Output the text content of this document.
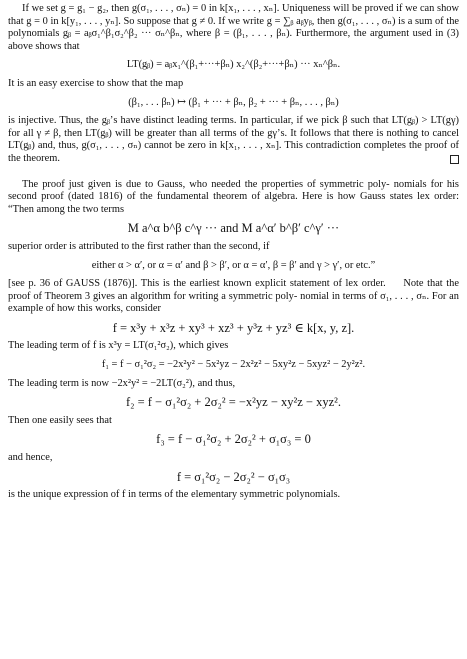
If we set g = g₁ − g₂, then g(σ₁, . . . , σₙ) = 0 in k[x₁, . . . , xₙ]. Uniqueness will be proved if we can show that g = 0 in k[y₁, . . . , yₙ]. So suppose that g ≠ 0. If we write g = ∑ᵦ aᵦyᵦ, then g(σ₁, . . . , σₙ) is a sum of the polynomials gᵦ = aᵦσ₁^β₁σ₂^β₂ ··· σₙ^βₙ, where β = (β₁, . . . , βₙ). Furthermore, the argument used in (3) above shows that

LT(gᵦ) = aᵦx₁^(β₁+···+βₙ) x₂^(β₂+···+βₙ) ··· xₙ^βₙ.

It is an easy exercise to show that the map

(β₁, . . . βₙ) ↦ (β₁ + ··· + βₙ, β₂ + ··· + βₙ, . . . , βₙ)

is injective. Thus, the gᵦ’s have distinct leading terms. In particular, if we pick β such that LT(gᵦ) > LT(gγ) for all γ ≠ β, then LT(gᵦ) will be greater than all terms of the gγ’s. It follows that there is nothing to cancel LT(gᵦ) and, thus, g(σ₁, . . . , σₙ) cannot be zero in k[x₁, . . . , xₙ]. This contradiction completes the proof of the theorem.

The proof just given is due to Gauss, who needed the properties of symmetric poly- nomials for his second proof (dated 1816) of the fundamental theorem of algebra. Here is how Gauss states lex order: “Then among the two terms

M a^α b^β c^γ ··· and M a^α′ b^β′ c^γ′ ···

superior order is attributed to the first rather than the second, if

either α > α′, or α = α′ and β > β′, or α = α′, β = β′ and γ > γ′, or etc.”

[see p. 36 of GAUSS (1876)]. This is the earliest known explicit statement of lex order. Note that the proof of Theorem 3 gives an algorithm for writing a symmetric poly- nomial in terms of σ₁, . . . , σₙ. For an example of how this works, consider

f = x³y + x³z + xy³ + xz³ + y³z + yz³ ∈ k[x, y, z].

The leading term of f is x³y = LT(σ₁²σ₂), which gives

f₁ = f − σ₁²σ₂ = −2x²y² − 5x²yz − 2x²z² − 5xy²z − 5xyz² − 2y²z².

The leading term is now −2x²y² = −2LT(σ₂²), and thus,

f₂ = f − σ₁²σ₂ + 2σ₂² = −x²yz − xy²z − xyz².

Then one easily sees that

f₃ = f − σ₁²σ₂ + 2σ₂² + σ₁σ₃ = 0

and hence,

f = σ₁²σ₂ − 2σ₂² − σ₁σ₃

is the unique expression of f in terms of the elementary symmetric polynomials.
